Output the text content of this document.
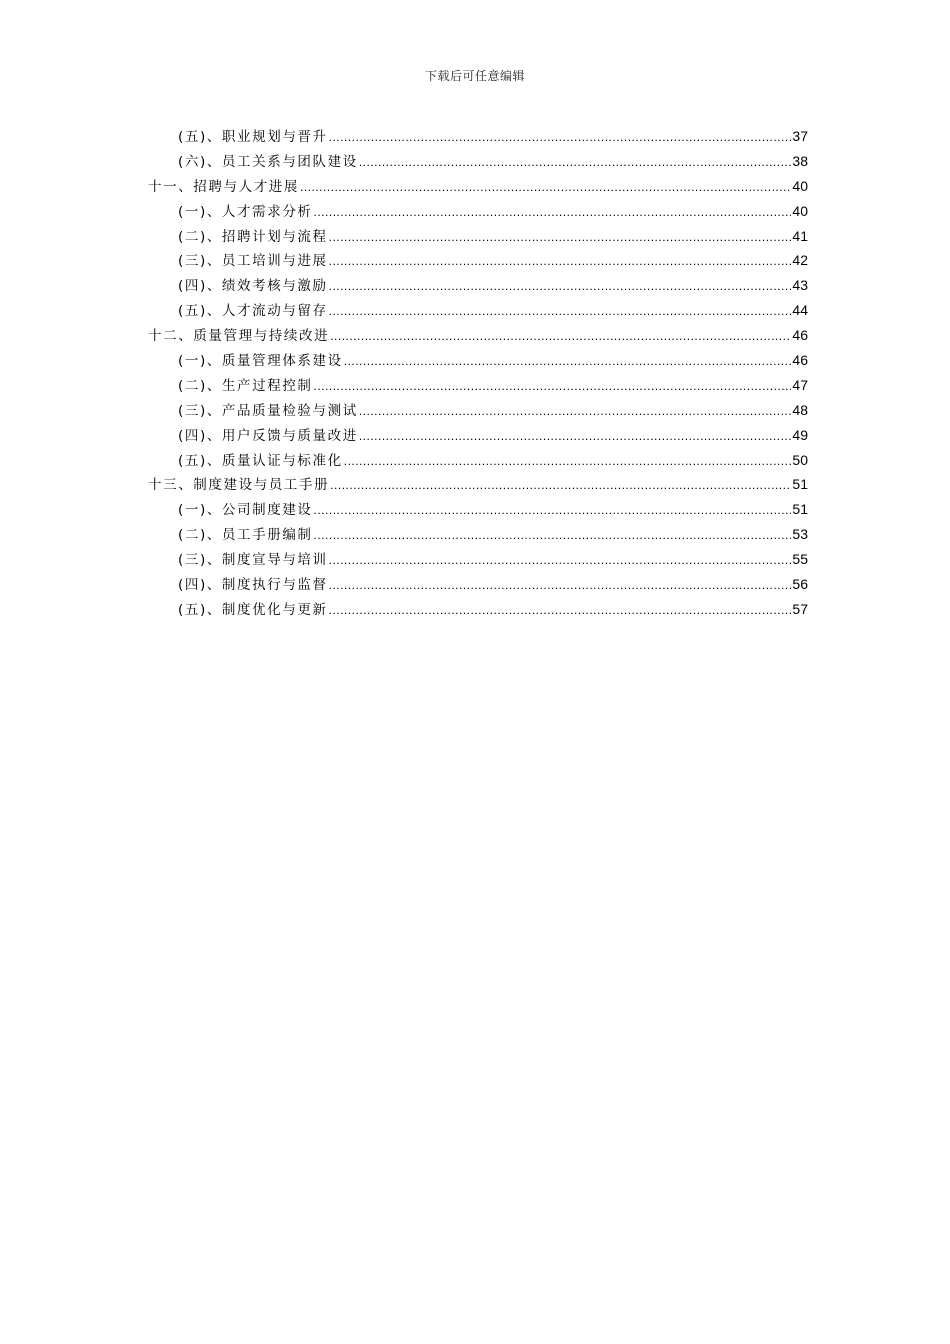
下载后可任意编辑
(五)、职业规划与晋升 .....	37
(六)、员工关系与团队建设 .....	38
十一、招聘与人才进展 .....	40
(一)、人才需求分析 .....	40
(二)、招聘计划与流程 .....	41
(三)、员工培训与进展 .....	42
(四)、绩效考核与激励 .....	43
(五)、人才流动与留存 .....	44
十二、质量管理与持续改进 .....	46
(一)、质量管理体系建设 .....	46
(二)、生产过程控制 .....	47
(三)、产品质量检验与测试 .....	48
(四)、用户反馈与质量改进 .....	49
(五)、质量认证与标准化 .....	50
十三、制度建设与员工手册 .....	51
(一)、公司制度建设 .....	51
(二)、员工手册编制 .....	53
(三)、制度宣导与培训 .....	55
(四)、制度执行与监督 .....	56
(五)、制度优化与更新 .....	57
